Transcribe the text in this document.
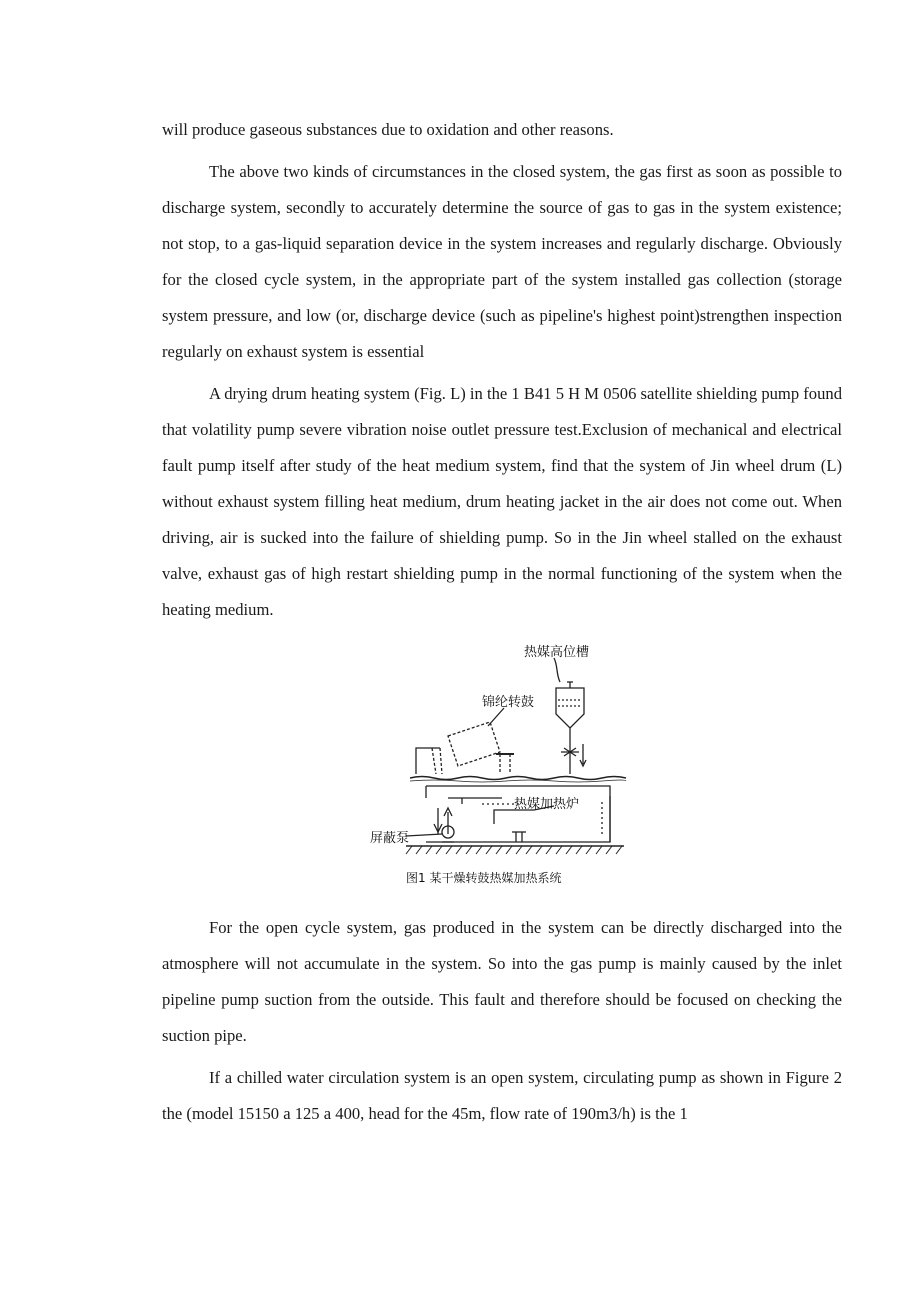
will produce gaseous substances due to oxidation and other reasons.

The above two kinds of circumstances in the closed system, the gas first as soon as possible to discharge system, secondly to accurately determine the source of gas to gas in the system existence; not stop, to a gas-liquid separation device in the system increases and regularly discharge. Obviously for the closed cycle system, in the appropriate part of the system installed gas collection (storage system pressure, and low (or, discharge device (such as pipeline's highest point)strengthen inspection regularly on exhaust system is essential

A drying drum heating system (Fig. L) in the 1 B41 5 H M 0506 satellite shielding pump found that volatility pump severe vibration noise outlet pressure test.Exclusion of mechanical and electrical fault pump itself after study of the heat medium system, find that the system of Jin wheel drum (L) without exhaust system filling heat medium, drum heating jacket in the air does not come out. When driving, air is sucked into the failure of shielding pump. So in the Jin wheel stalled on the exhaust valve, exhaust gas of high restart shielding pump in the normal functioning of the system when the heating medium.

热媒高位槽
锦纶转鼓
热媒加热炉
屏蔽泵
图1 某干燥转鼓热媒加热系统

For the open cycle system, gas produced in the system can be directly discharged into the atmosphere will not accumulate in the system. So into the gas pump is mainly caused by the inlet pipeline pump suction from the outside. This fault and therefore should be focused on checking the suction pipe.

If a chilled water circulation system is an open system, circulating pump as shown in Figure 2 the (model 15150 a 125 a 400, head for the 45m, flow rate of 190m3/h) is the 1
